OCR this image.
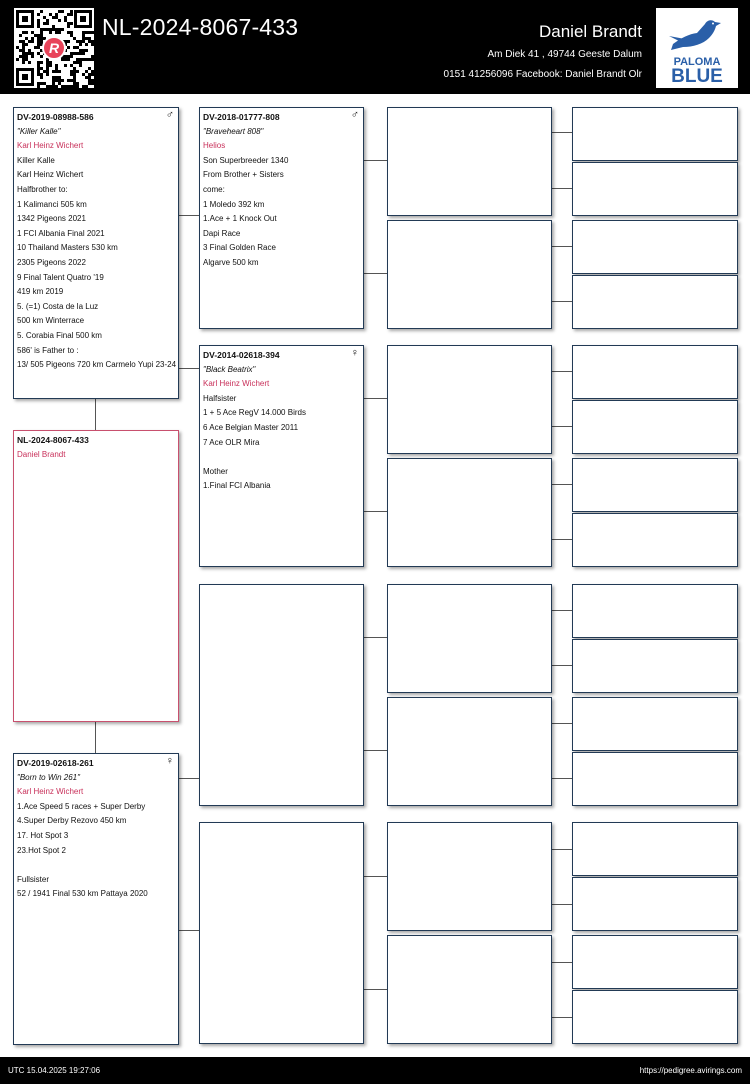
R
NL-2024-8067-433	Daniel Brandt
Am Diek 41 , 49744 Geeste Dalum
0151 41256096 Facebook: Daniel Brandt Olr
PALOMA
BLUE
DV-2019-08988-586	♂
"Killer Kalle"
Karl Heinz Wichert
Killer Kalle
Karl Heinz Wichert
Halfbrother to:
1 Kalimanci 505 km
1342 Pigeons 2021
1 FCI Albania Final 2021
10 Thailand Masters 530 km
2305 Pigeons 2022
9 Final Talent Quatro '19
419 km 2019
5. (=1) Costa de la Luz
500 km Winterrace
5. Corabia Final 500 km
586' is Father to :
13/ 505 Pigeons 720 km Carmelo Yupi 23-24
NL-2024-8067-433
Daniel Brandt
DV-2019-02618-261	♀
"Born to Win 261"
Karl Heinz Wichert
1.Ace Speed 5 races + Super Derby
4.Super Derby Rezovo 450 km
17. Hot Spot 3
23.Hot Spot 2
Fullsister
52 / 1941 Final 530 km Pattaya 2020
DV-2018-01777-808	♂
"Braveheart 808"
Helios
Son Superbreeder 1340
From Brother + Sisters
come:
1 Moledo 392 km
1.Ace + 1 Knock Out
Dapi Race
3 Final Golden Race
Algarve 500 km
DV-2014-02618-394	♀
"Black Beatrix"
Karl Heinz Wichert
Halfsister
1 + 5 Ace RegV 14.000 Birds
6 Ace Belgian Master 2011
7 Ace OLR Mira
Mother
1.Final FCI Albania
UTC 15.04.2025 19:27:06	https://pedigree.avirings.com
